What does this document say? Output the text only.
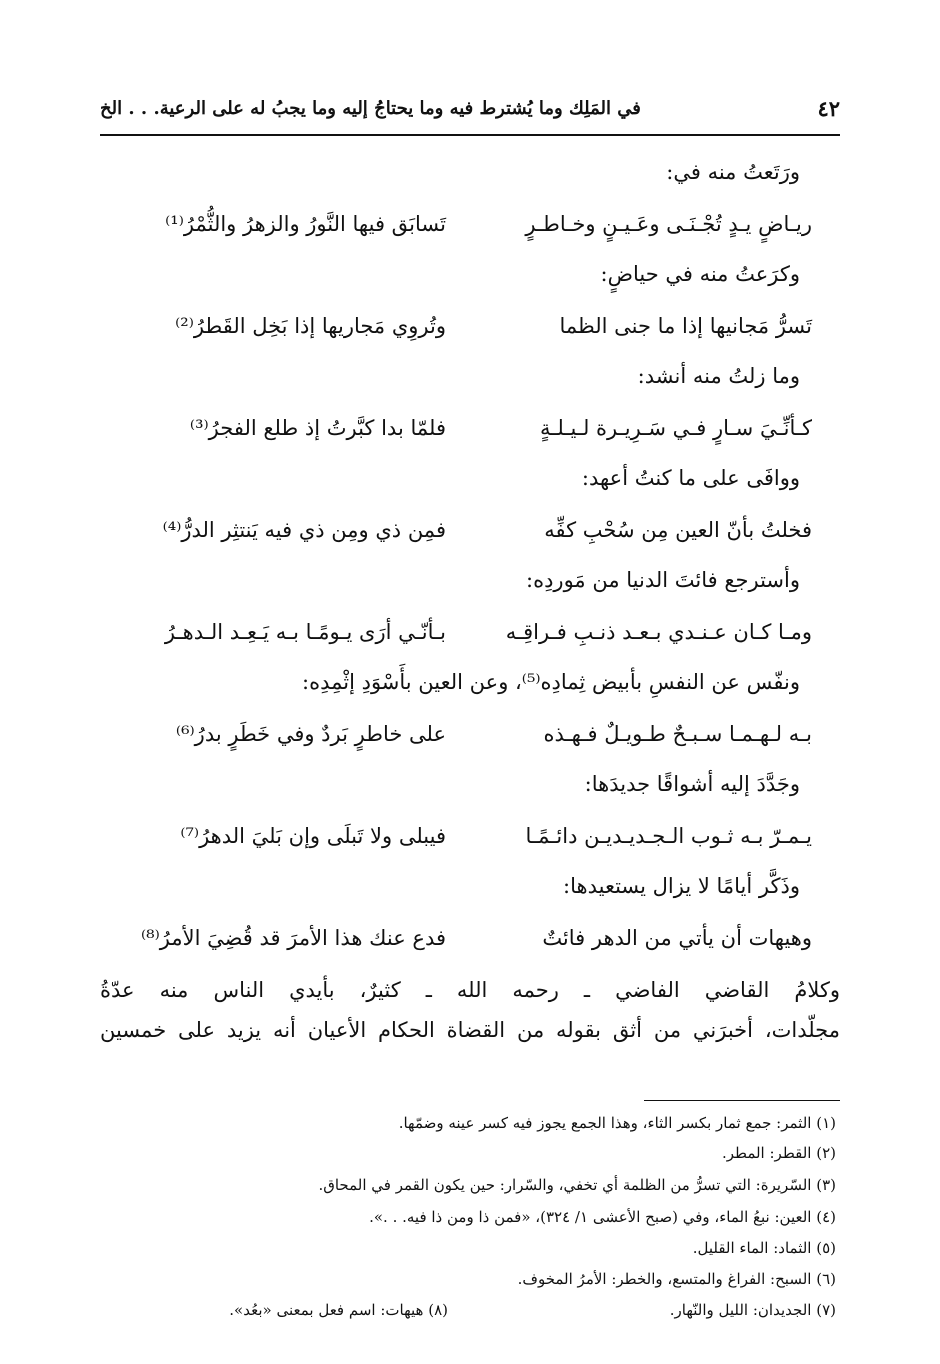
٤٢
في المَلِك وما يُشترط فيه وما يحتاجُ إليه وما يجبُ له على الرعية. . . الخ
ورَتَعتُ منه في:
وكرَعتُ منه في حياضٍ:
وما زلتُ منه أنشد:
ووافَى على ما كنتُ أعهد:
وأسترجع فائتَ الدنيا من مَوردِه:
ونفّس عن النفسِ بأبيض ثِمادِه⁽⁵⁾، وعن العين بأَسْوَدِ إثْمِدِه:
وجَدَّدَ إليه أشواقًا جديدَها:
وذَكَّر أيامًا لا يزال يستعيدها:
ريـاضٍ يـدٍ تُجْـنَـى وعَـيـنٍ وخـاطـرٍ
تَسابَق فيها النَّورُ والزهرُ والثُّمْرُ⁽¹⁾
تَسرُّ مَجانيها إذا ما جنى الظما
وتُروِي مَجاريها إذا بَخِل القَطرُ⁽²⁾
كـأنِّـيَ سـارٍ فـي سَـرِيـرة لـيـلـةٍ
فلمّا بدا كبَّرتُ إذ طلع الفجرُ⁽³⁾
فخلتُ بأنّ العين مِن سُحْبِ كفِّه
فمِن ذي ومِن ذي فيه يَنتثِر الدرُّ⁽⁴⁾
ومـا كـان عـنـدي بـعـد ذنـبِ فـراقِـه
بـأنّـي أرَى يـومًـا بـه يَـعِـد الـدهـرُ
بـه لـهـمـا سـبـحٌ طـويـلٌ فـهـذه
على خاطرٍ بَردٌ وفي خَطَرٍ بدرُ⁽⁶⁾
يـمـرّ بـه ثـوب الـجـديـديـن دائـمًـا
فيبلى ولا تَبلَى وإن بَليَ الدهرُ⁽⁷⁾
وهيهات أن يأتي من الدهر فائتٌ
فدع عنك هذا الأمرَ قد قُضِيَ الأمرُ⁽⁸⁾
وكلامُ القاضي الفاضي ـ رحمه الله ـ كثيرٌ، بأيدي الناس منه عدّةُ
مجلّدات، أخبرَني من أثق بقوله من القضاة الحكام الأعيان أنه يزيد على خمسين
(١) الثمر: جمع ثمار بكسر الثاء، وهذا الجمع يجوز فيه كسر عينه وضمّها.
(٢) القطر: المطر.
(٣) السّريرة: التي تسرُّ من الظلمة أي تخفي، والسّرار: حين يكون القمر في المحاق.
(٤) العين: نبعُ الماء، وفي (صبح الأعشى ١/ ٣٢٤)، «فمن ذا ومن ذا فيه. . .».
(٥) الثماد: الماء القليل.
(٦) السبح: الفراغ والمتسع، والخطر: الأمرُ المخوف.
(٧) الجديدان: الليل والنّهار.
(٨) هيهات: اسم فعل بمعنى «بعُد».
